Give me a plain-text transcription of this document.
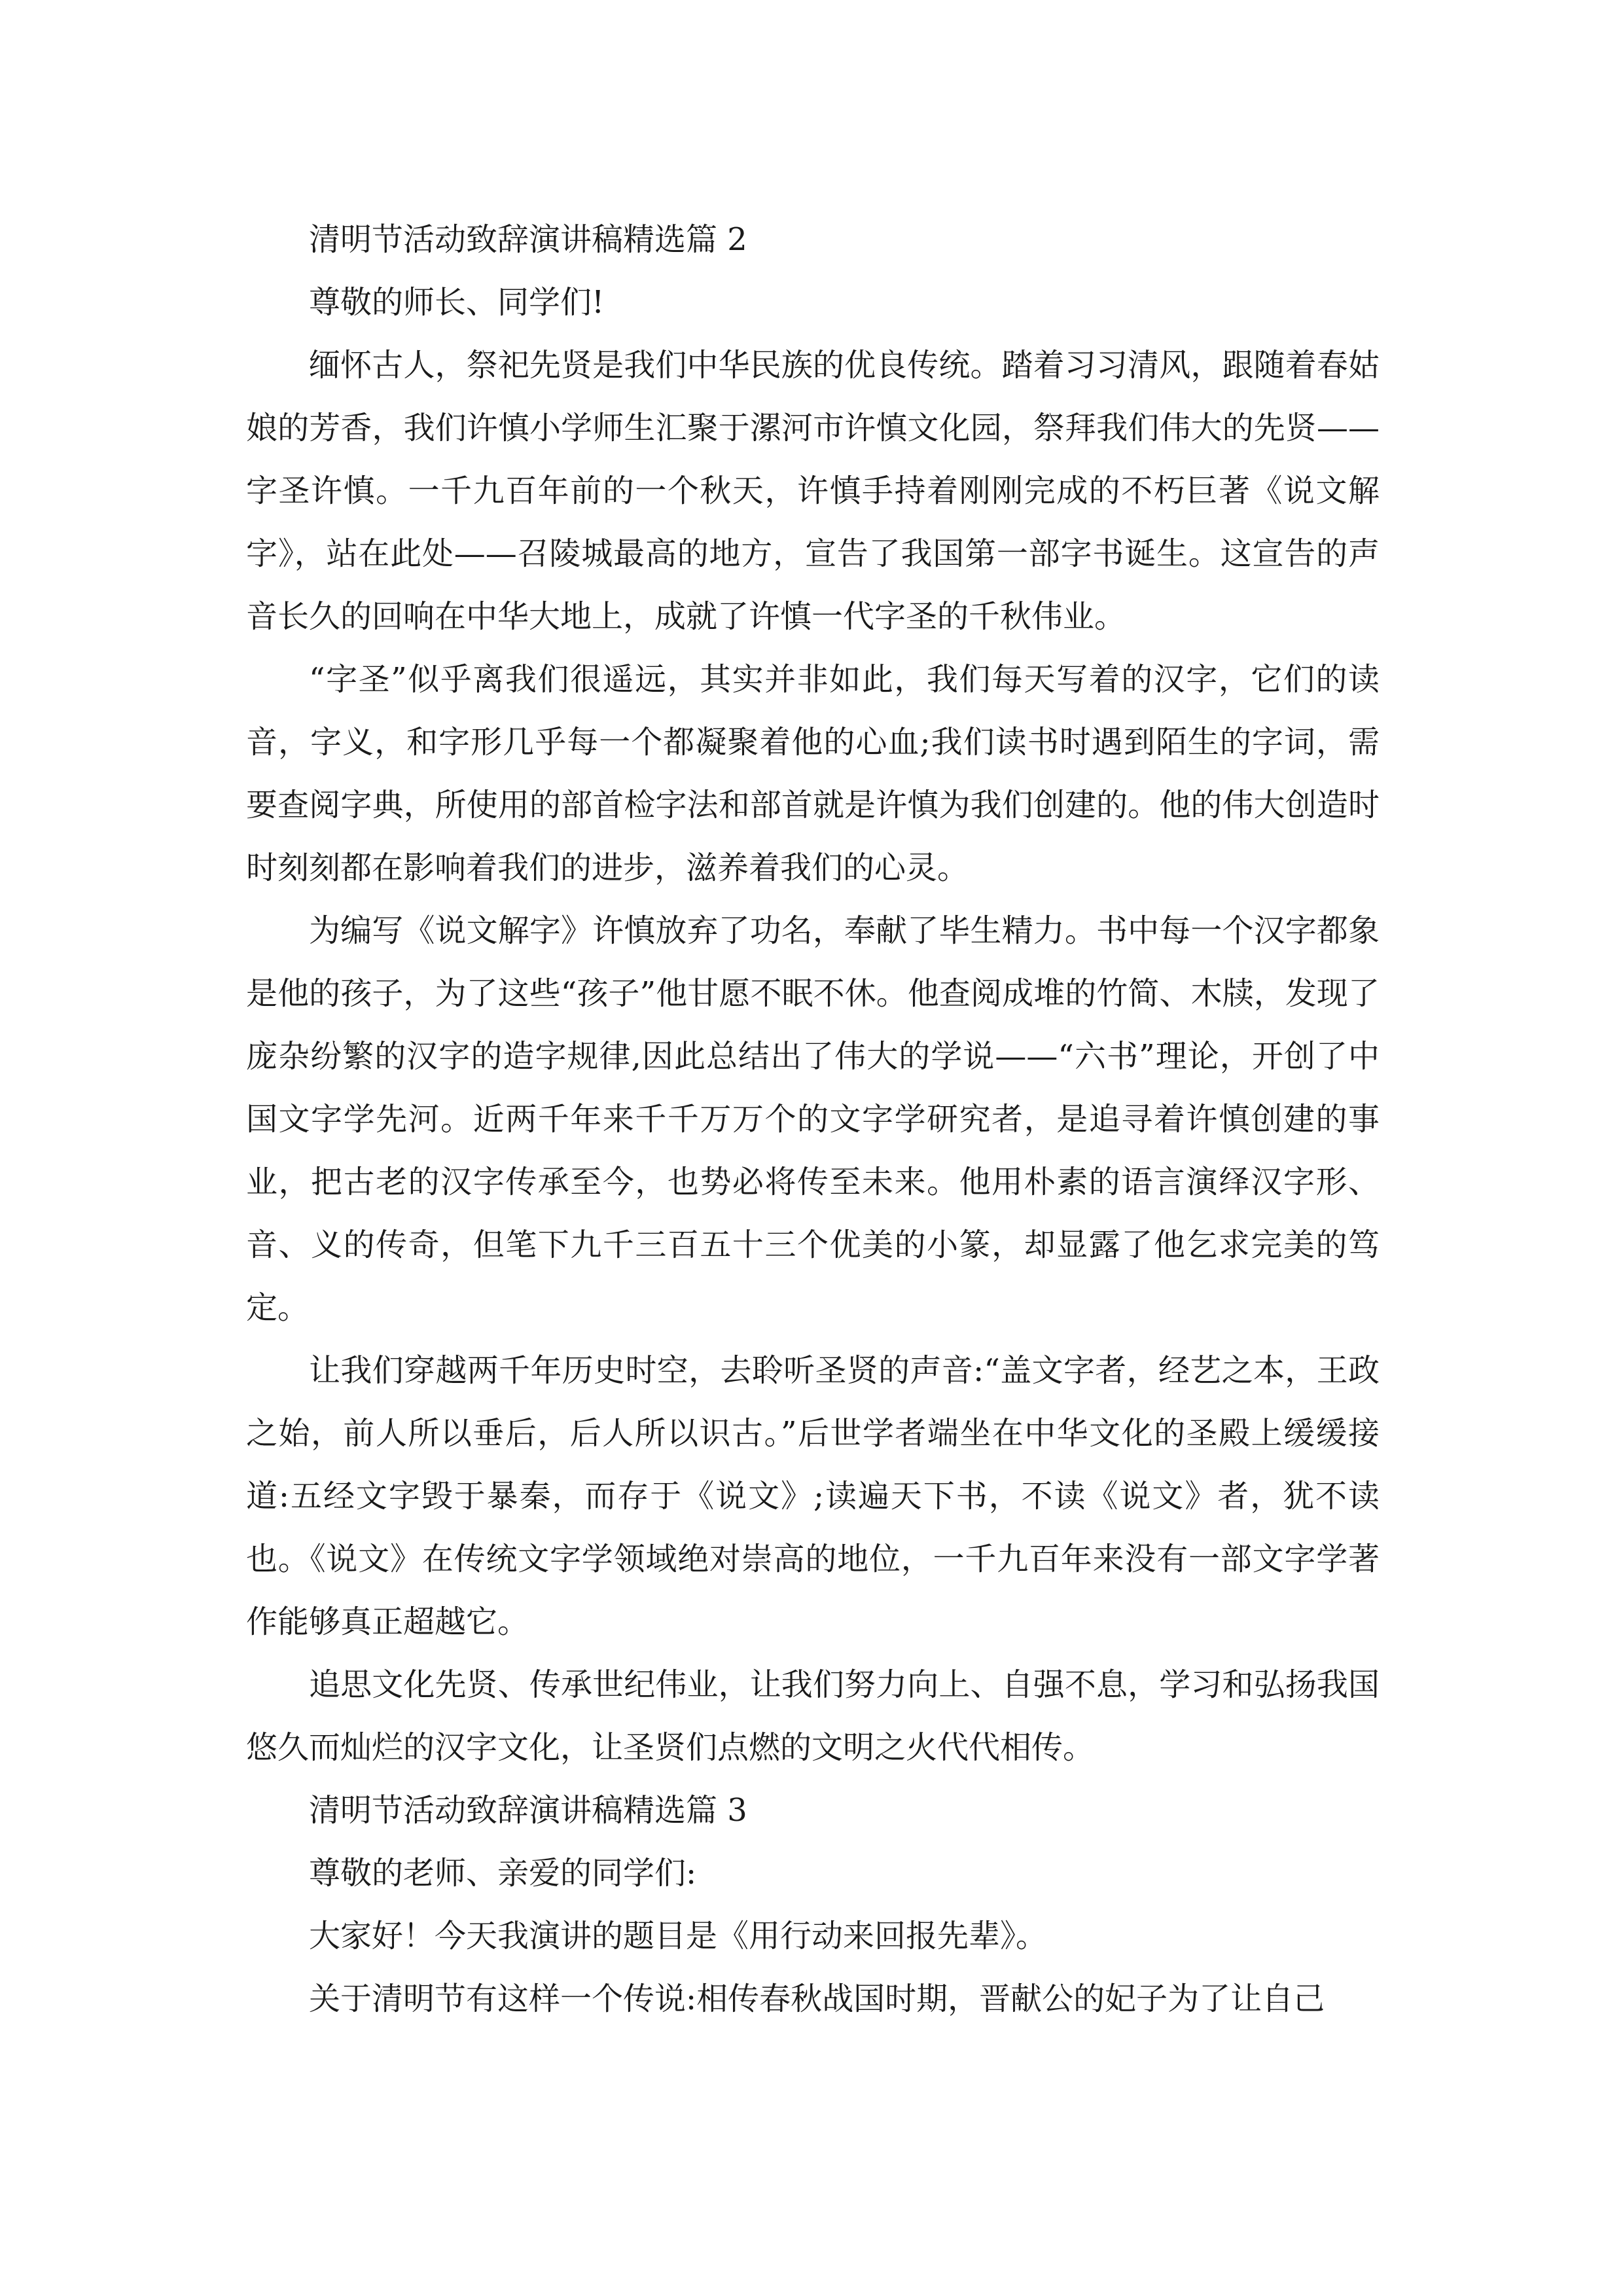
清明节活动致辞演讲稿精选篇 2

尊敬的师长、同学们!

缅怀古人，祭祀先贤是我们中华民族的优良传统。踏着习习清风，跟随着春姑娘的芳香，我们许慎小学师生汇聚于漯河市许慎文化园，祭拜我们伟大的先贤——字圣许慎。一千九百年前的一个秋天，许慎手持着刚刚完成的不朽巨著《说文解字》，站在此处——召陵城最高的地方，宣告了我国第一部字书诞生。这宣告的声音长久的回响在中华大地上，成就了许慎一代字圣的千秋伟业。

“字圣”似乎离我们很遥远，其实并非如此，我们每天写着的汉字，它们的读音，字义，和字形几乎每一个都凝聚着他的心血;我们读书时遇到陌生的字词，需要查阅字典，所使用的部首检字法和部首就是许慎为我们创建的。他的伟大创造时时刻刻都在影响着我们的进步，滋养着我们的心灵。

为编写《说文解字》许慎放弃了功名，奉献了毕生精力。书中每一个汉字都象是他的孩子，为了这些“孩子”他甘愿不眠不休。他查阅成堆的竹简、木牍，发现了庞杂纷繁的汉字的造字规律,因此总结出了伟大的学说——“六书”理论，开创了中国文字学先河。近两千年来千千万万个的文字学研究者，是追寻着许慎创建的事业，把古老的汉字传承至今，也势必将传至未来。他用朴素的语言演绎汉字形、音、义的传奇，但笔下九千三百五十三个优美的小篆，却显露了他乞求完美的笃定。

让我们穿越两千年历史时空，去聆听圣贤的声音:“盖文字者，经艺之本，王政之始，前人所以垂后，后人所以识古。”后世学者端坐在中华文化的圣殿上缓缓接道:五经文字毁于暴秦，而存于《说文》;读遍天下书，不读《说文》者，犹不读也。《说文》在传统文字学领域绝对崇高的地位，一千九百年来没有一部文字学著作能够真正超越它。

追思文化先贤、传承世纪伟业，让我们努力向上、自强不息，学习和弘扬我国悠久而灿烂的汉字文化，让圣贤们点燃的文明之火代代相传。

清明节活动致辞演讲稿精选篇 3

尊敬的老师、亲爱的同学们:

大家好！今天我演讲的题目是《用行动来回报先辈》。

关于清明节有这样一个传说:相传春秋战国时期，晋献公的妃子为了让自己
